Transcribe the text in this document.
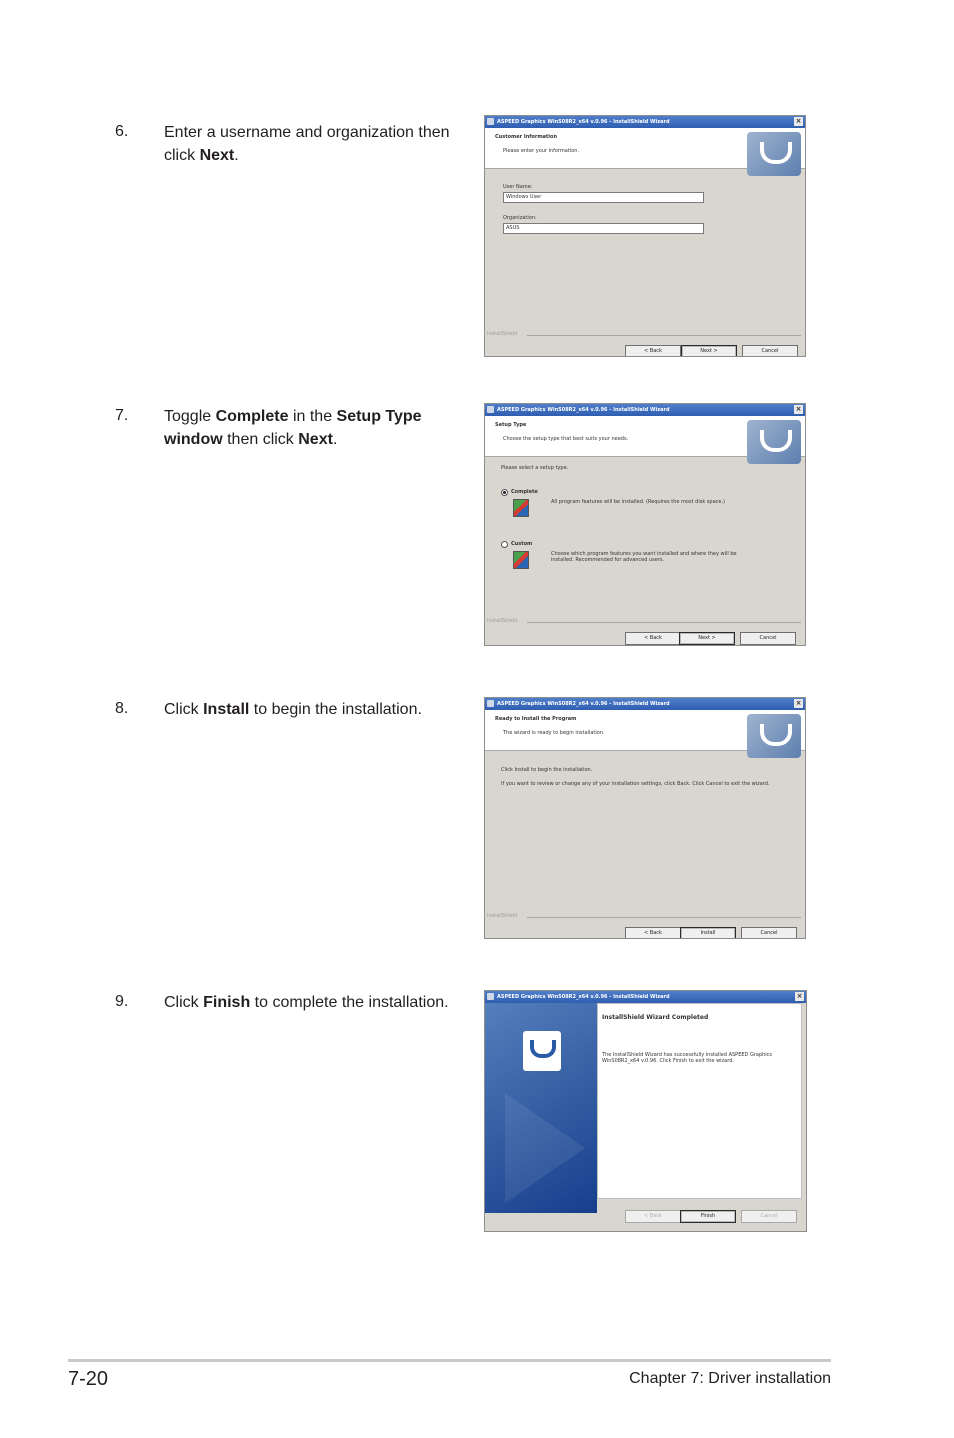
6. Enter a username and organization then click Next.
ASPEED Graphics WinS08R2_x64 v.0.96 - InstallShield Wizard	×
Customer Information
Please enter your information.
User Name:
Windows User
Organization:
ASUS
InstallShield
< Back	Next >	Cancel
7. Toggle Complete in the Setup Type window then click Next.
ASPEED Graphics WinS08R2_x64 v.0.96 - InstallShield Wizard	×
Setup Type
Choose the setup type that best suits your needs.
Please select a setup type.
Complete
All program features will be installed. (Requires the most disk space.)
Custom
Choose which program features you want installed and where they will be installed. Recommended for advanced users.
InstallShield
< Back	Next >	Cancel
8. Click Install to begin the installation.	ASPEED Graphics WinS08R2_x64 v.0.96 - InstallShield Wizard	×
Ready to Install the Program
The wizard is ready to begin installation.
Click Install to begin the installation.
If you want to review or change any of your installation settings, click Back. Click Cancel to exit the wizard.
InstallShield
< Back	Install	Cancel
9. Click Finish to complete the installation.	ASPEED Graphics WinS08R2_x64 v.0.96 - InstallShield Wizard	×
InstallShield Wizard Completed
The InstallShield Wizard has successfully installed ASPEED Graphics WinS08R2_x64 v.0.96. Click Finish to exit the wizard.
< Back	Finish	Cancel
7-20	Chapter 7: Driver installation
